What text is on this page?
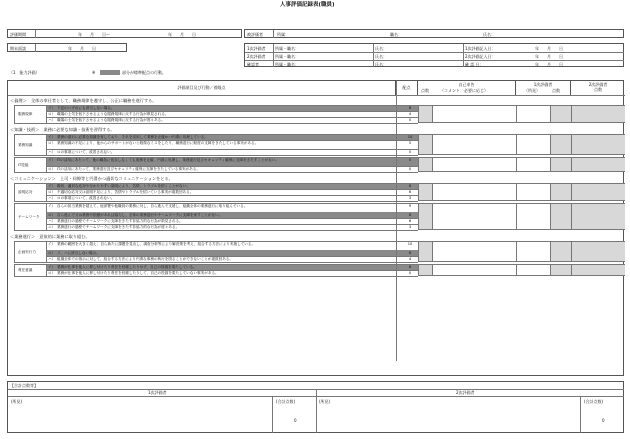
人事評価記録表(職員)
評価期間	年　　月　　日〜	年　　月　　日	被評価者	所属：	職名：	氏名：
期末面談	年　　月　　日	1次評価者 所属・職名：	氏名：	1次評価記入日：	年　　月　　日
2次評価者 所属・職名：	氏名：	2次評価記入日：	年　　月　　日
確認者	所属・職名：	氏名：	確 認 日：	年　　月　　日
（1　能力評価）	※	部分が標準配点の行動。
評価項目及び行動／着眼点	配点
自己申告
点数	（コメント：必要に応じ）
1次評価者
（所見）	点数
2次評価者
点数
＜倫理＞　全体の奉仕者として、職務規律を遵守し、公正に職務を遂行する。
イ）　下記のいずれにも該当しない場合。	8
ロ）　職場の士気を低下させるような服務規律に反する行為が散見される。	4
ハ）　職場の士気を低下させるような服務規律に反する行為が度々ある。	0
服務規律
＜知識・技術＞　業務に必要な知識・技術を習得する。
イ）　業務の遂行に必要な知識を有しており、それを活用して業務を正確かつ円滑に処理している。	10
ロ）　業務知識の不足により、他からのサポートがないと軽微なミスをしたり、職務遂行に軽度の支障をきたしている事実がある。	5
ハ）　ロの事項について、改善されない。	0
業務知識
イ）　ITの活用にあたって、他の職員に依存しなくても業務を正確、円滑に処理し、業務遂行及びセキュリティ確保に支障をきたすことがない。	5
ロ）　ITの活用にあたって、業務遂行及びセキュリティ確保に支障をきたしている事実がある。	0
IT技能
＜コミュニケーション＞　上司・同僚等と円滑かつ適切なコミュニケーションをとる。
イ）　親切、適切な応対や分かりやすい説明により、苦情、トラブルを招くことがない。	8
ロ）　不適切な応対又は説明不足により、苦情やトラブルを招いている事実が複数回ある。	6
ハ）　ロの事項について、改善されない。	3
説明応対
イ）　自らの担当業務を超えて、他部署や他職員の業務に対し、自ら進んで支援し、組織全体の業務遂行に取り組んでいる。	9
ロ）　自ら進んで又は業務や依頼があれば協力し、全体の業務遂行やチームワークに支障を来すことがない。	8
ハ）　業務遂行の過程でチームワークに支障をきたす非協力的な行為が散見される。	6
ニ）　業務遂行の過程でチームワークに支障をきたす非協力的な行為が度々ある。	3
チームワーク
＜業務遂行＞　意欲的に業務に取り組む。
イ）　業務の範囲を大きく超え、自ら新たに課題を見出し、調査分析等により解決策を考え、組合する方法により実施している。	10
ロ）　イ、ハに該当しない場合。	8
ハ）　組織全体での指示に対して、組合する方法により円滑な事務の執行を図ることができないことが複数回ある。	4
企画実行力
イ）　業務が仕事を他人に押し付けたり責任を回避したりせず、自己の役割を果たしている。	8
ロ）　業務が仕事を他人に押し付けたり責任を回避したりして、自己の役割を果たしていない事実がある。	0
責任意識
【合計点数等】
1次評価者	2次評価者
(所見)	(合計点数)
0
(所見)	(合計点数)
0
